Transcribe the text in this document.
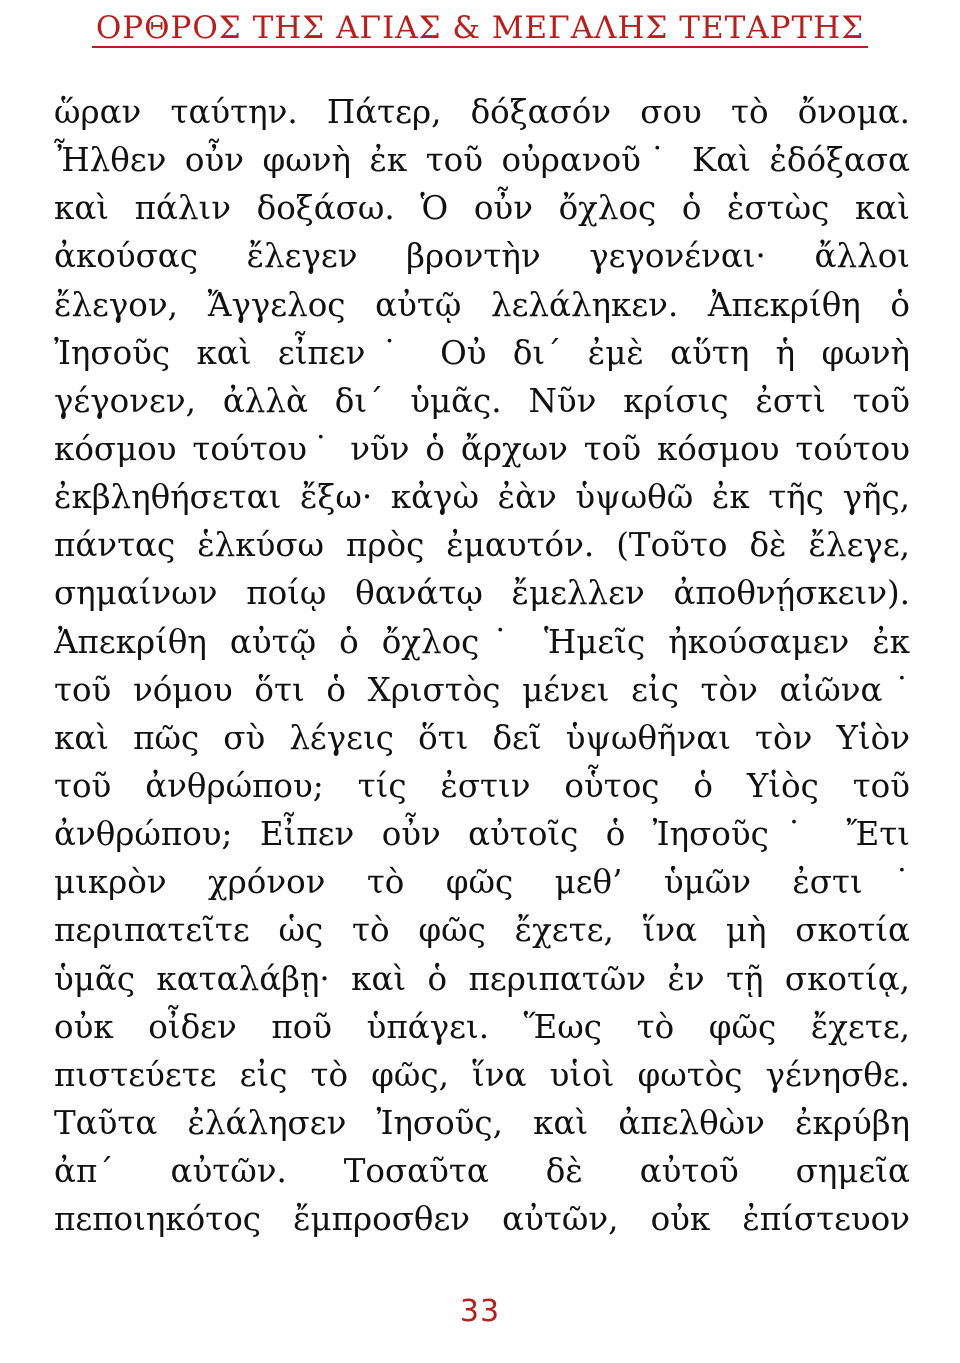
ΟΡΘΡΟΣ ΤΗΣ ΑΓΙΑΣ & ΜΕΓΑΛΗΣ ΤΕΤΑΡΤΗΣ
ὥραν ταύτην. Πάτερ, δόξασόν σου τὸ ὄνομα.
Ἦλθεν οὖν φωνὴ ἐκ τοῦ οὐρανοῦ˙ Καὶ ἐδόξασα
καὶ πάλιν δοξάσω. Ὁ οὖν ὄχλος ὁ ἑστὼς καὶ
ἀκούσας ἔλεγεν βροντὴν γεγονέναι· ἄλλοι
ἔλεγον, Ἄγγελος αὐτῷ λελάληκεν. Ἀπεκρίθη ὁ
Ἰησοῦς καὶ εἶπεν˙ Οὐ δι΄ ἐμὲ αὕτη ἡ φωνὴ
γέγονεν, ἀλλὰ δι΄ ὑμᾶς. Νῦν κρίσις ἐστὶ τοῦ
κόσμου τούτου˙ νῦν ὁ ἄρχων τοῦ κόσμου τούτου
ἐκβληθήσεται ἔξω· κἀγὼ ἐὰν ὑψωθῶ ἐκ τῆς γῆς,
πάντας ἑλκύσω πρὸς ἐμαυτόν. (Τοῦτο δὲ ἔλεγε,
σημαίνων ποίῳ θανάτῳ ἔμελλεν ἀποθνῄσκειν).
Ἀπεκρίθη αὐτῷ ὁ ὄχλος˙ Ἡμεῖς ἠκούσαμεν ἐκ
τοῦ νόμου ὅτι ὁ Χριστὸς μένει εἰς τὸν αἰῶνα˙
καὶ πῶς σὺ λέγεις ὅτι δεῖ ὑψωθῆναι τὸν Υἱὸν
τοῦ ἀνθρώπου; τίς ἐστιν οὗτος ὁ Υἱὸς τοῦ
ἀνθρώπου; Εἶπεν οὖν αὐτοῖς ὁ Ἰησοῦς˙ Ἔτι
μικρὸν χρόνον τὸ φῶς μεθ’ ὑμῶν ἐστι˙
περιπατεῖτε ὡς τὸ φῶς ἔχετε, ἵνα μὴ σκοτία
ὑμᾶς καταλάβῃ· καὶ ὁ περιπατῶν ἐν τῇ σκοτίᾳ,
οὐκ οἶδεν ποῦ ὑπάγει. Ἕως τὸ φῶς ἔχετε,
πιστεύετε εἰς τὸ φῶς, ἵνα υἱοὶ φωτὸς γένησθε.
Ταῦτα ἐλάλησεν Ἰησοῦς, καὶ ἀπελθὼν ἐκρύβη
ἀπ΄ αὐτῶν. Τοσαῦτα δὲ αὐτοῦ σημεῖα
πεποιηκότος ἔμπροσθεν αὐτῶν, οὐκ ἐπίστευον
33
